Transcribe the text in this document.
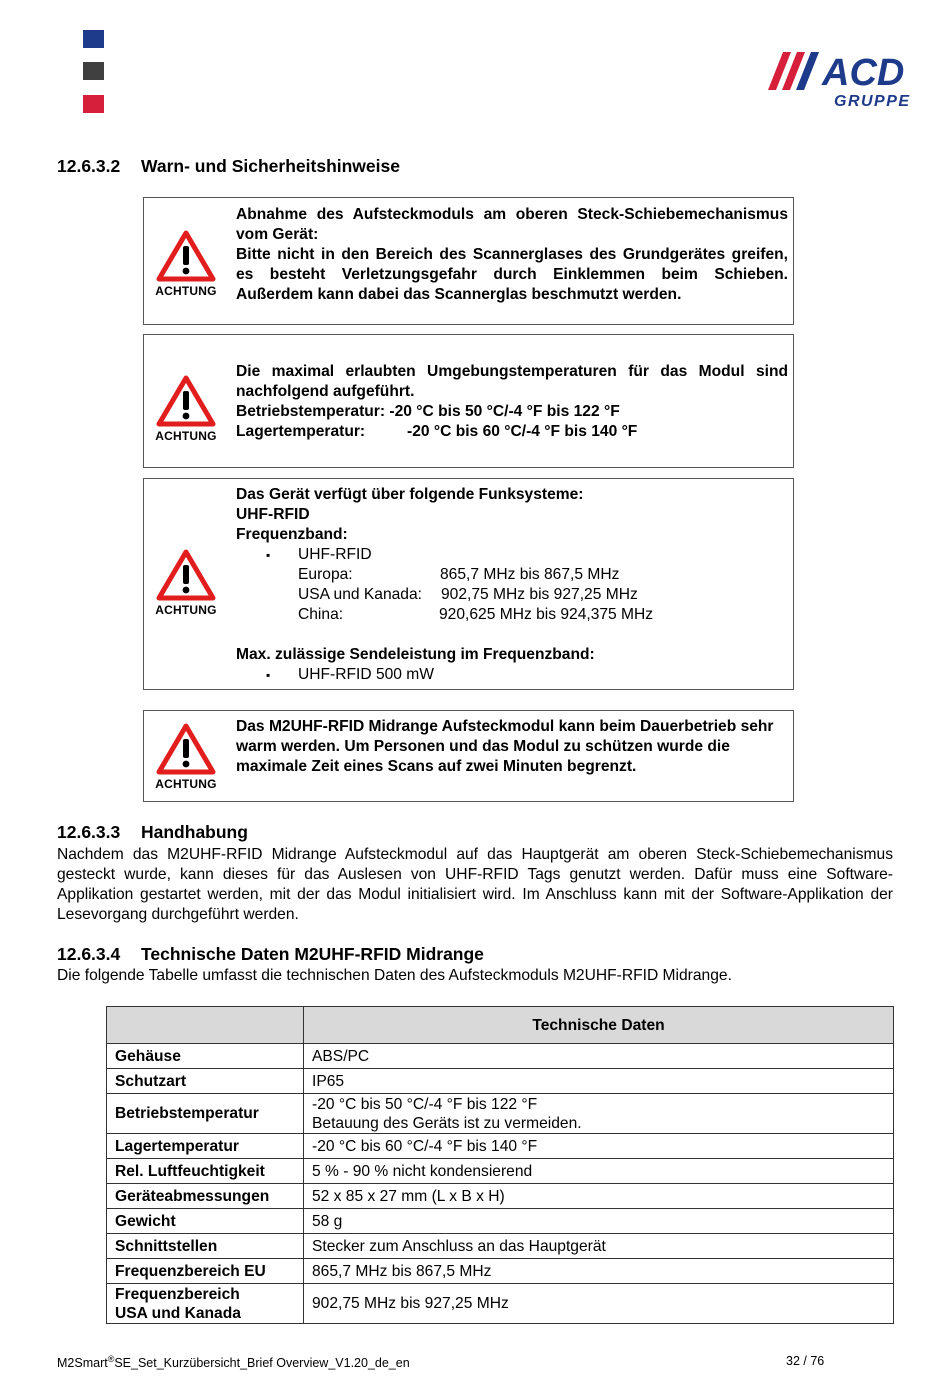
ACD
GRUPPE
12.6.3.2 Warn- und Sicherheitshinweise
ACHTUNG
Abnahme des Aufsteckmoduls am oberen Steck-Schiebemechanismus vom Gerät:
Bitte nicht in den Bereich des Scannerglases des Grundgerätes greifen, es besteht Verletzungsgefahr durch Einklemmen beim Schieben. Außerdem kann dabei das Scannerglas beschmutzt werden.
ACHTUNG
Die maximal erlaubten Umgebungstemperaturen für das Modul sind nachfolgend aufgeführt.
Betriebstemperatur: -20 °C bis 50 °C/-4 °F bis 122 °F
Lagertemperatur:	-20 °C bis 60 °C/-4 °F bis 140 °F
ACHTUNG
Das Gerät verfügt über folgende Funksysteme:
UHF-RFID
Frequenzband:
▪ UHF-RFID
Europa:	865,7 MHz bis 867,5 MHz
USA und Kanada: 902,75 MHz bis 927,25 MHz
China:	920,625 MHz bis 924,375 MHz
Max. zulässige Sendeleistung im Frequenzband:
▪ UHF-RFID 500 mW
ACHTUNG
Das M2UHF-RFID Midrange Aufsteckmodul kann beim Dauerbetrieb sehr warm werden. Um Personen und das Modul zu schützen wurde die maximale Zeit eines Scans auf zwei Minuten begrenzt.
12.6.3.3 Handhabung
Nachdem das M2UHF-RFID Midrange Aufsteckmodul auf das Hauptgerät am oberen Steck-Schiebemechanismus gesteckt wurde, kann dieses für das Auslesen von UHF-RFID Tags genutzt werden. Dafür muss eine Software-Applikation gestartet werden, mit der das Modul initialisiert wird. Im Anschluss kann mit der Software-Applikation der Lesevorgang durchgeführt werden.
12.6.3.4 Technische Daten M2UHF-RFID Midrange
Die folgende Tabelle umfasst die technischen Daten des Aufsteckmoduls M2UHF-RFID Midrange.
	Technische Daten
Gehäuse	ABS/PC
Schutzart	IP65
Betriebstemperatur	-20 °C bis 50 °C/-4 °F bis 122 °F
Betauung des Geräts ist zu vermeiden.

Lagertemperatur	-20 °C bis 60 °C/-4 °F bis 140 °F
Rel. Luftfeuchtigkeit	5 % - 90 % nicht kondensierend
Geräteabmessungen	52 x 85 x 27 mm (L x B x H)
Gewicht	58 g
Schnittstellen	Stecker zum Anschluss an das Hauptgerät
Frequenzbereich EU	865,7 MHz bis 867,5 MHz

Frequenzbereich
USA und Kanada	902,75 MHz bis 927,25 MHz
M2Smart®SE_Set_Kurzübersicht_Brief Overview_V1.20_de_en	32 / 76
